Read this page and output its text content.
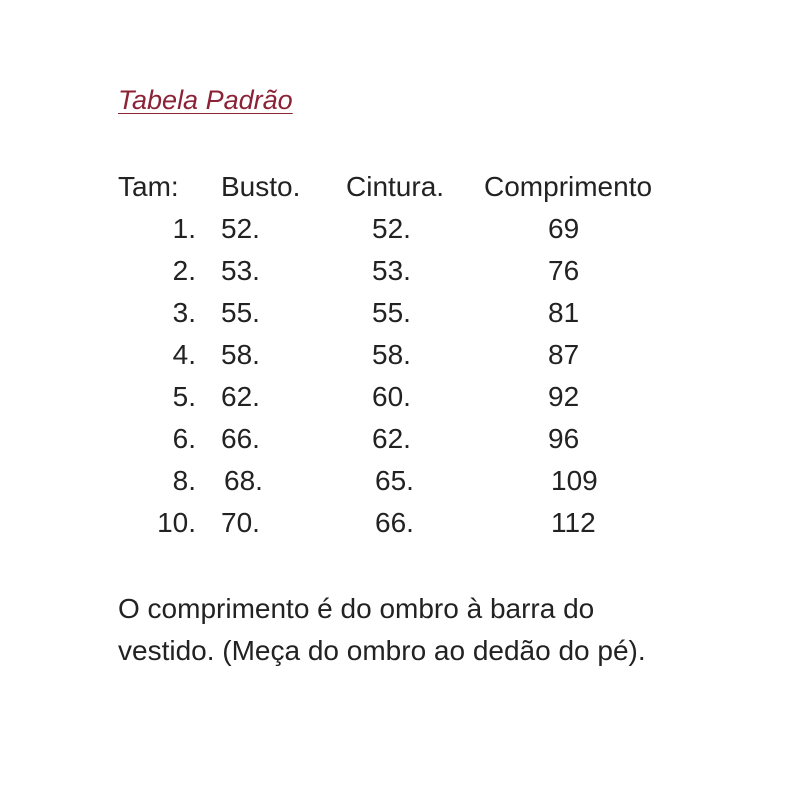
Tabela Padrão
Tam: Busto. Cintura. Comprimento
1. 52.	52.	69
2. 53.	53.	76
3. 55.	55.	81
4. 58.	58.	87
5. 62.	60.	92
6. 66.	62.	96
8. 68.	65.	109
10. 70.	66.	112
O comprimento é do ombro à barra do
vestido. (Meça do ombro ao dedão do pé).
